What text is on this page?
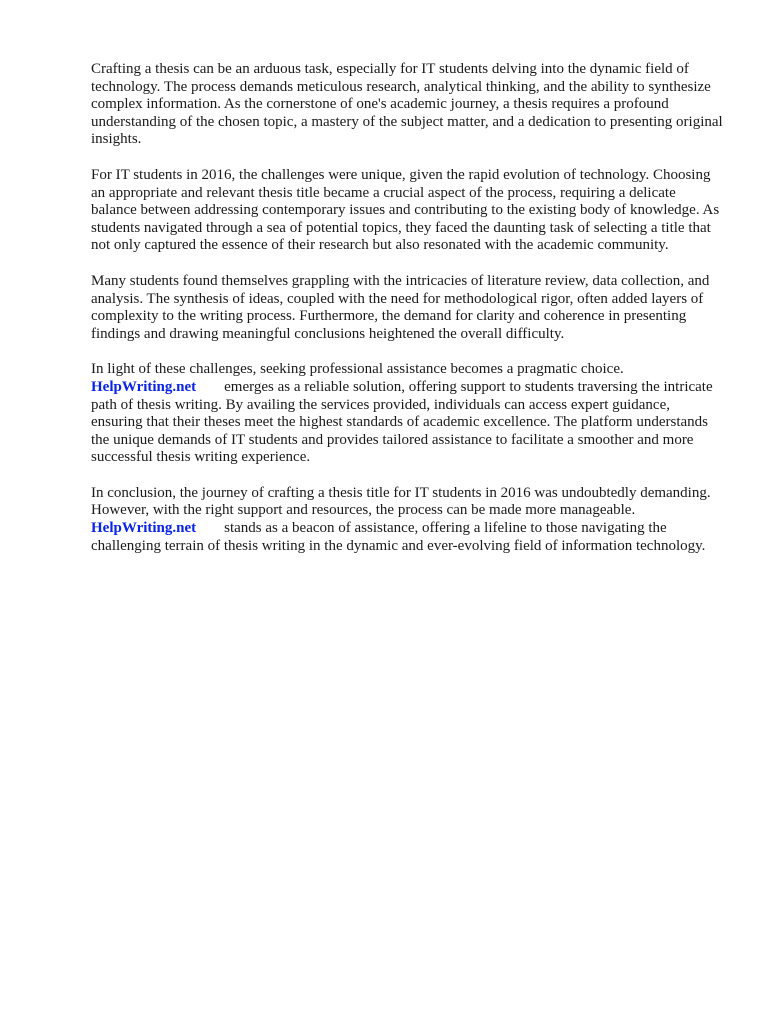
Crafting a thesis can be an arduous task, especially for IT students delving into the dynamic field of technology. The process demands meticulous research, analytical thinking, and the ability to synthesize complex information. As the cornerstone of one's academic journey, a thesis requires a profound understanding of the chosen topic, a mastery of the subject matter, and a dedication to presenting original insights.

For IT students in 2016, the challenges were unique, given the rapid evolution of technology. Choosing an appropriate and relevant thesis title became a crucial aspect of the process, requiring a delicate balance between addressing contemporary issues and contributing to the existing body of knowledge. As students navigated through a sea of potential topics, they faced the daunting task of selecting a title that not only captured the essence of their research but also resonated with the academic community.

Many students found themselves grappling with the intricacies of literature review, data collection, and analysis. The synthesis of ideas, coupled with the need for methodological rigor, often added layers of complexity to the writing process. Furthermore, the demand for clarity and coherence in presenting findings and drawing meaningful conclusions heightened the overall difficulty.

In light of these challenges, seeking professional assistance becomes a pragmatic choice.
HelpWriting.net emerges as a reliable solution, offering support to students traversing the intricate path of thesis writing. By availing the services provided, individuals can access expert guidance, ensuring that their theses meet the highest standards of academic excellence. The platform understands the unique demands of IT students and provides tailored assistance to facilitate a smoother and more successful thesis writing experience.

In conclusion, the journey of crafting a thesis title for IT students in 2016 was undoubtedly demanding. However, with the right support and resources, the process can be made more manageable.HelpWriting.net stands as a beacon of assistance, offering a lifeline to those navigating the challenging terrain of thesis writing in the dynamic and ever-evolving field of information technology.
